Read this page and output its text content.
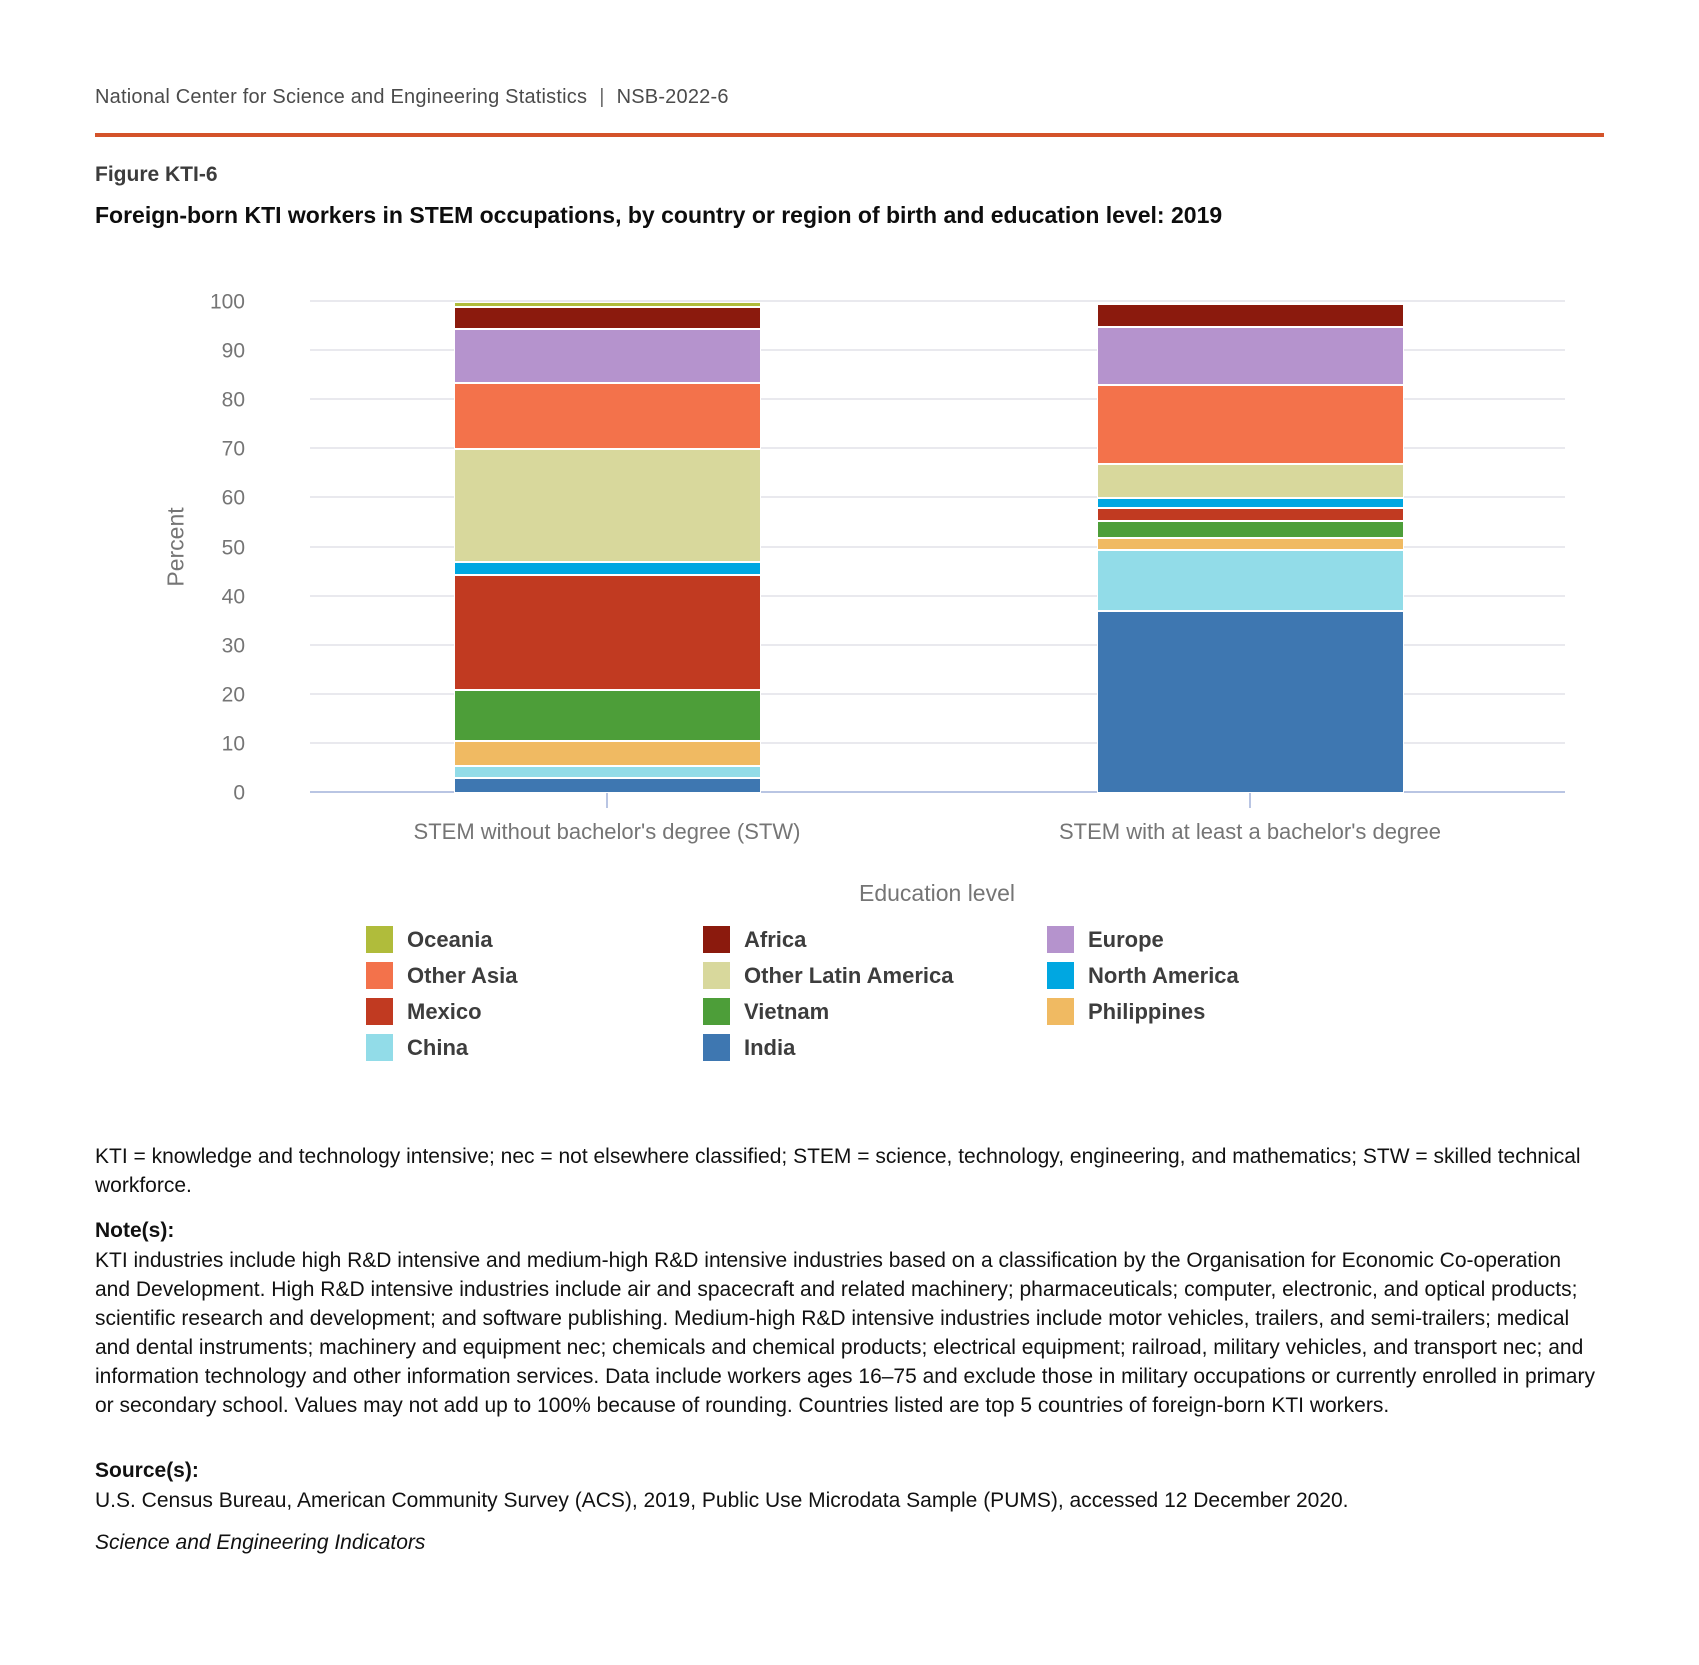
National Center for Science and Engineering Statistics | NSB-2022-6
Figure KTI-6
Foreign-born KTI workers in STEM occupations, by country or region of birth and education level: 2019
Percent
0
10
20
30
40
50
60
70
80
90
100
STEM without bachelor's degree (STW)	STEM with at least a bachelor's degree
Education level
Oceania	Africa	Europe
Other Asia	Other Latin America	North America
Mexico	Vietnam	Philippines
China	India
KTI = knowledge and technology intensive; nec = not elsewhere classified; STEM = science, technology, engineering, and mathematics; STW = skilled technical workforce.
Note(s):
KTI industries include high R&D intensive and medium-high R&D intensive industries based on a classification by the Organisation for Economic Co-operation and Development. High R&D intensive industries include air and spacecraft and related machinery; pharmaceuticals; computer, electronic, and optical products; scientific research and development; and software publishing. Medium-high R&D intensive industries include motor vehicles, trailers, and semi-trailers; medical and dental instruments; machinery and equipment nec; chemicals and chemical products; electrical equipment; railroad, military vehicles, and transport nec; and information technology and other information services. Data include workers ages 16–75 and exclude those in military occupations or currently enrolled in primary or secondary school. Values may not add up to 100% because of rounding. Countries listed are top 5 countries of foreign-born KTI workers.
Source(s):
U.S. Census Bureau, American Community Survey (ACS), 2019, Public Use Microdata Sample (PUMS), accessed 12 December 2020.
Science and Engineering Indicators
